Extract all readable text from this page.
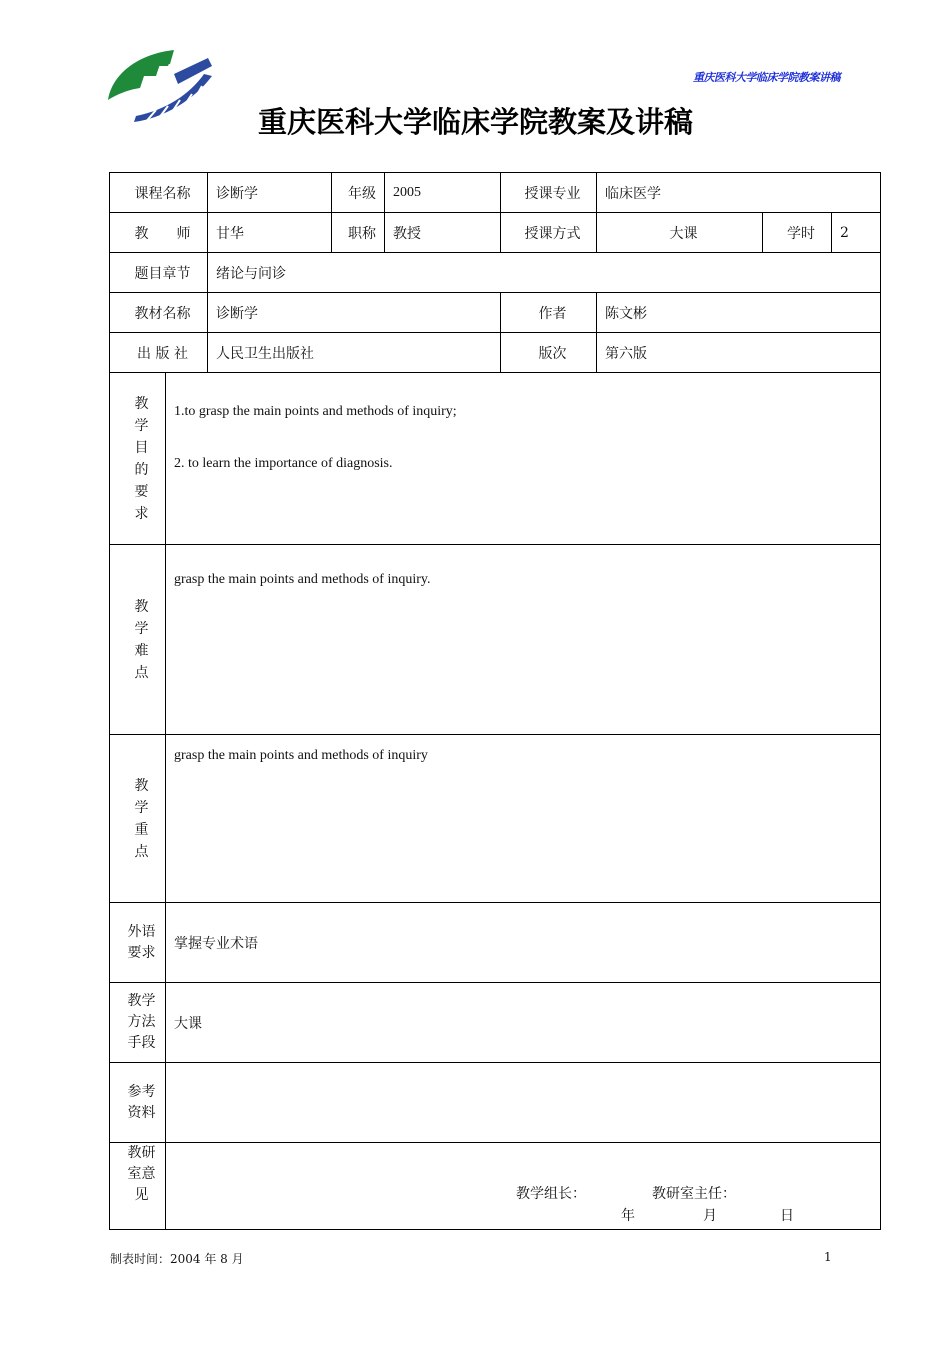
重庆医科大学临床学院教案讲稿
重庆医科大学临床学院教案及讲稿
课程名称		诊断学	年级	2005	授课专业	临床医学		
教　　师		甘华	职称	教授	授课方式	大课	学时	2
题目章节		绪论与问诊						
教材名称		诊断学			作者	陈文彬		
出 版 社		人民卫生出版社			版次	第六版		
教学目的要求	1.to grasp the main points and methods of inquiry;

2. to learn the importance of diagnosis.							

教学难点	grasp the main points and methods of inquiry.							
教学重点	grasp the main points and methods of inquiry							
外语要求	掌握专业术语							
教学方法手段	大课							
参考资料								
教研室意见	教学组长： 教研室主任：
年 月 日							
制表时间：2004 年 8 月	1
